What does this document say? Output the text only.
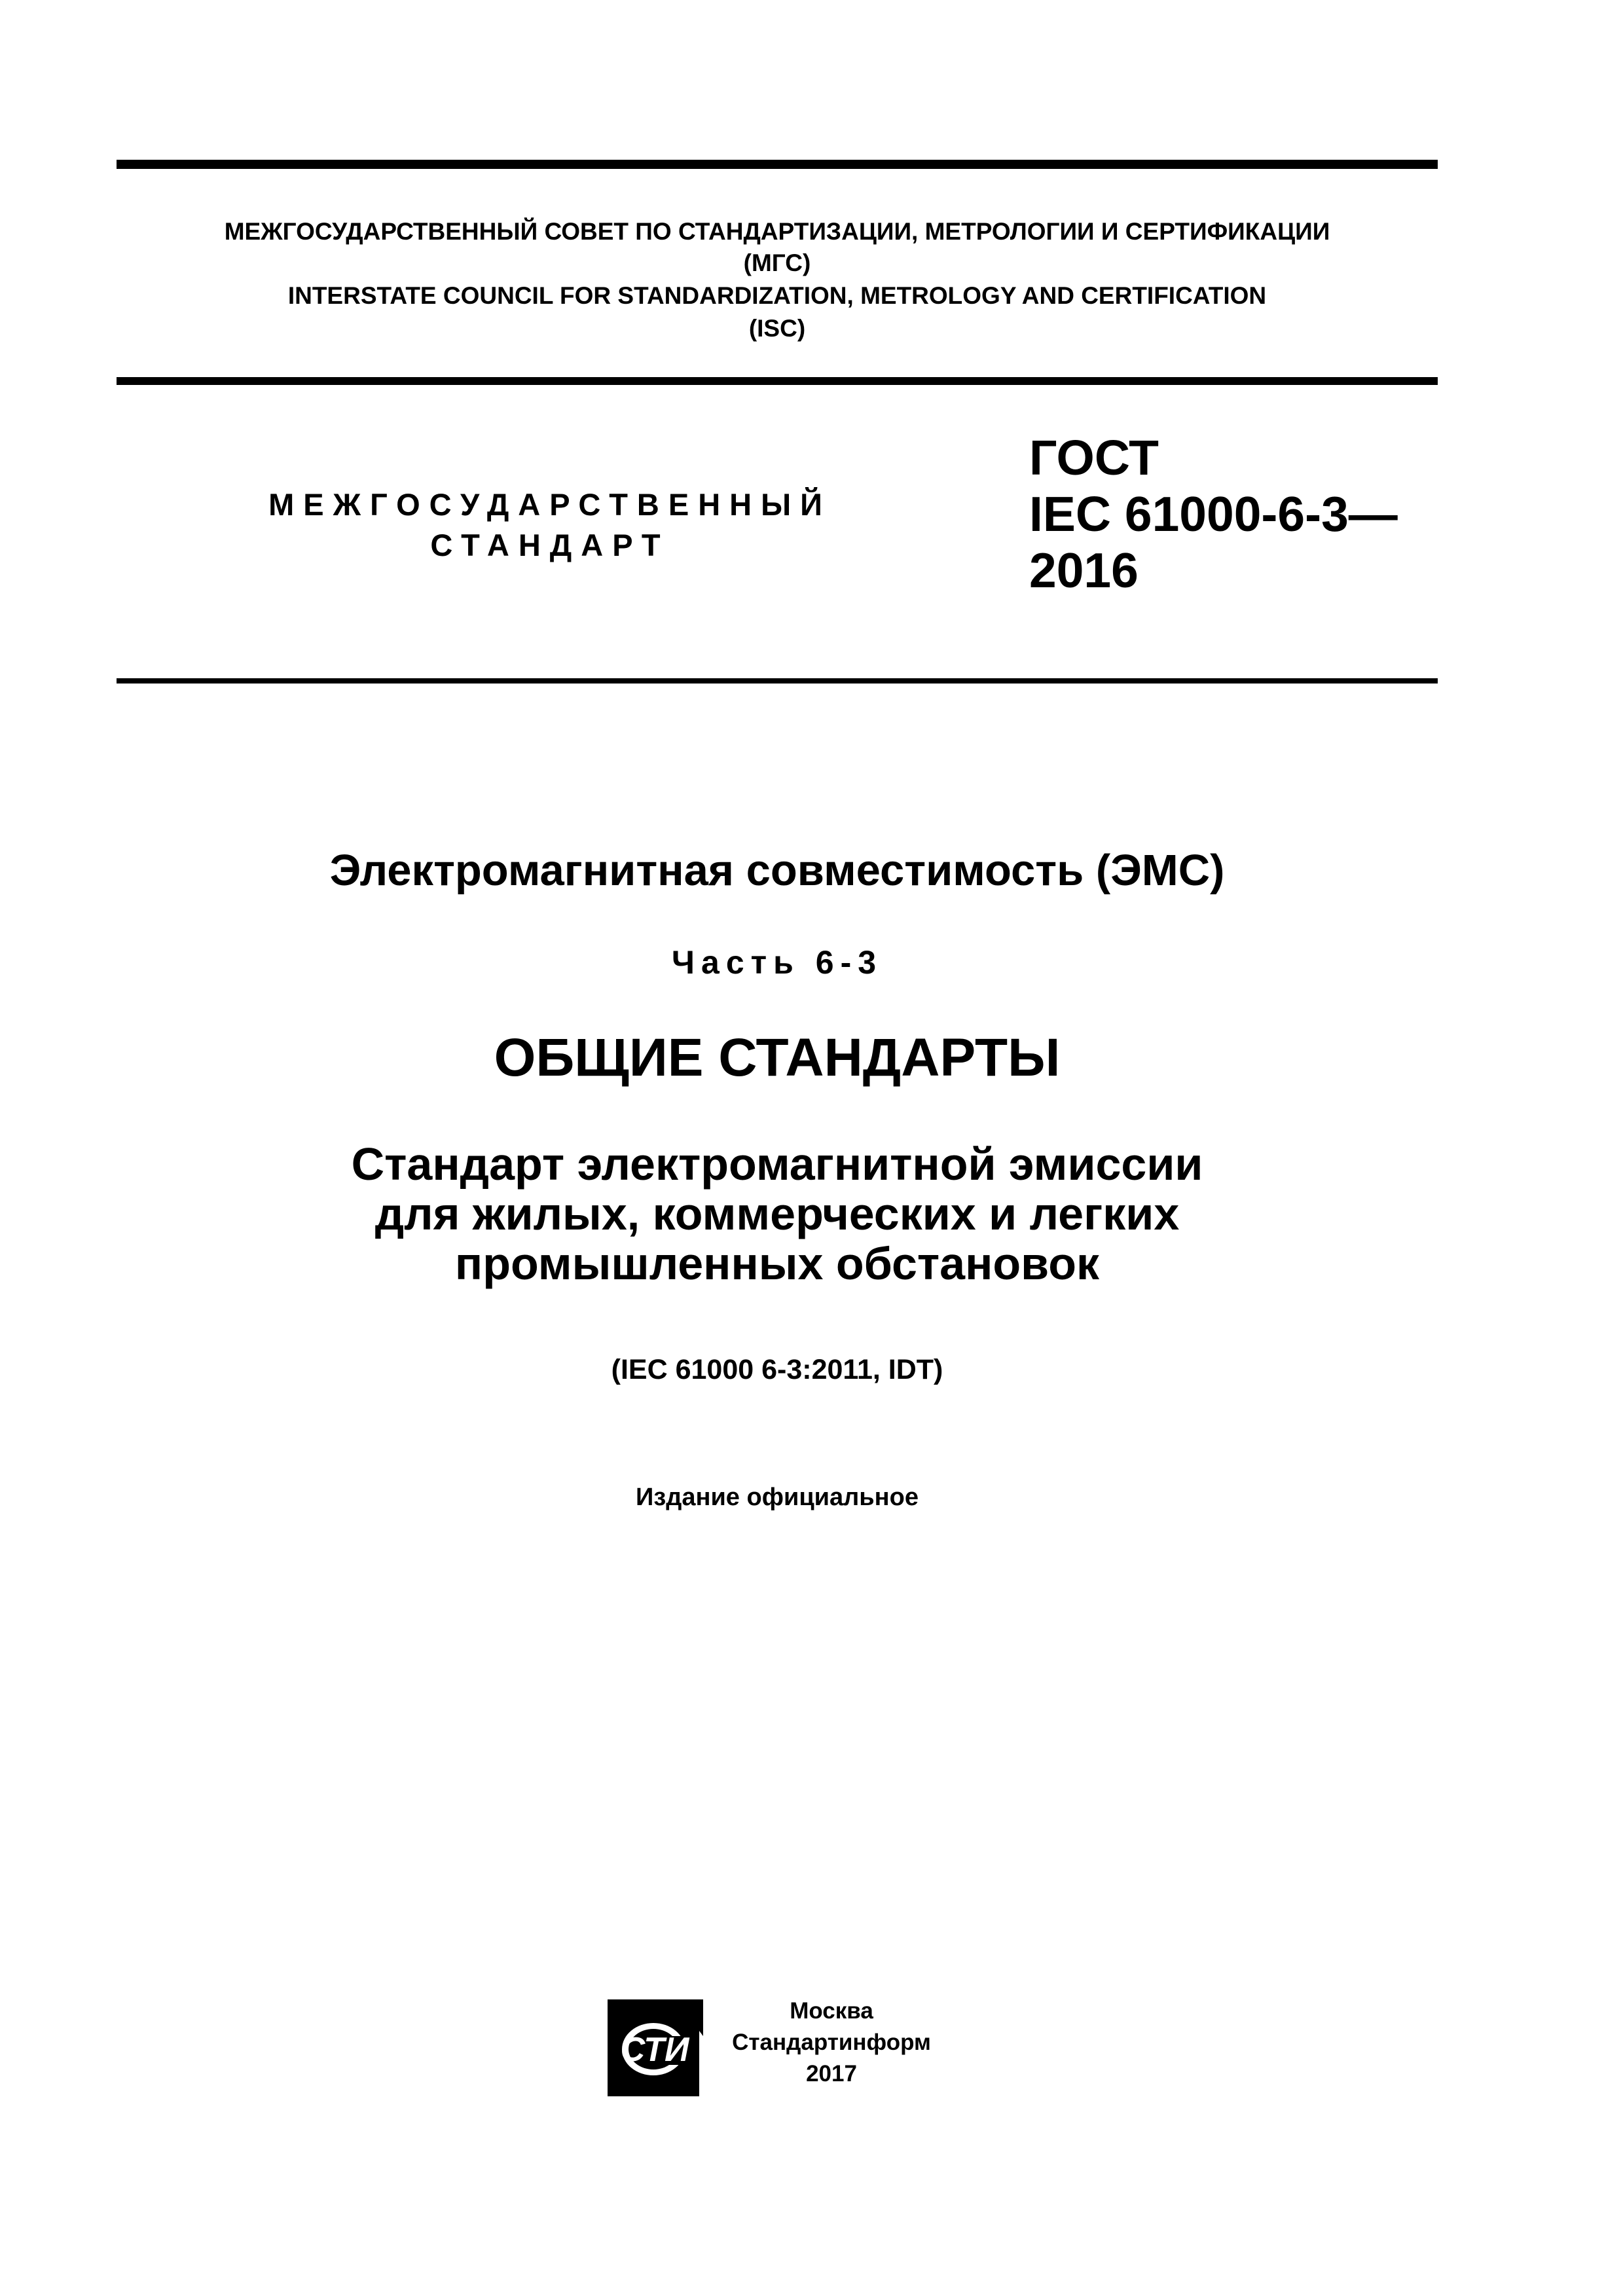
МЕЖГОСУДАРСТВЕННЫЙ СОВЕТ ПО СТАНДАРТИЗАЦИИ, МЕТРОЛОГИИ И СЕРТИФИКАЦИИ
(МГС)
INTERSTATE COUNCIL FOR STANDARDIZATION, METROLOGY AND CERTIFICATION
(ISC)
МЕЖГОСУДАРСТВЕННЫЙ
СТАНДАРТ
ГОСТ
IEC 61000-6-3—
2016
Электромагнитная совместимость (ЭМС)
Часть 6-3
ОБЩИЕ СТАНДАРТЫ
Стандарт электромагнитной эмиссии
для жилых, коммерческих и легких
промышленных обстановок
(IEC 61000 6-3:2011, IDT)
Издание официальное
СТИ
Москва
Стандартинформ
2017
